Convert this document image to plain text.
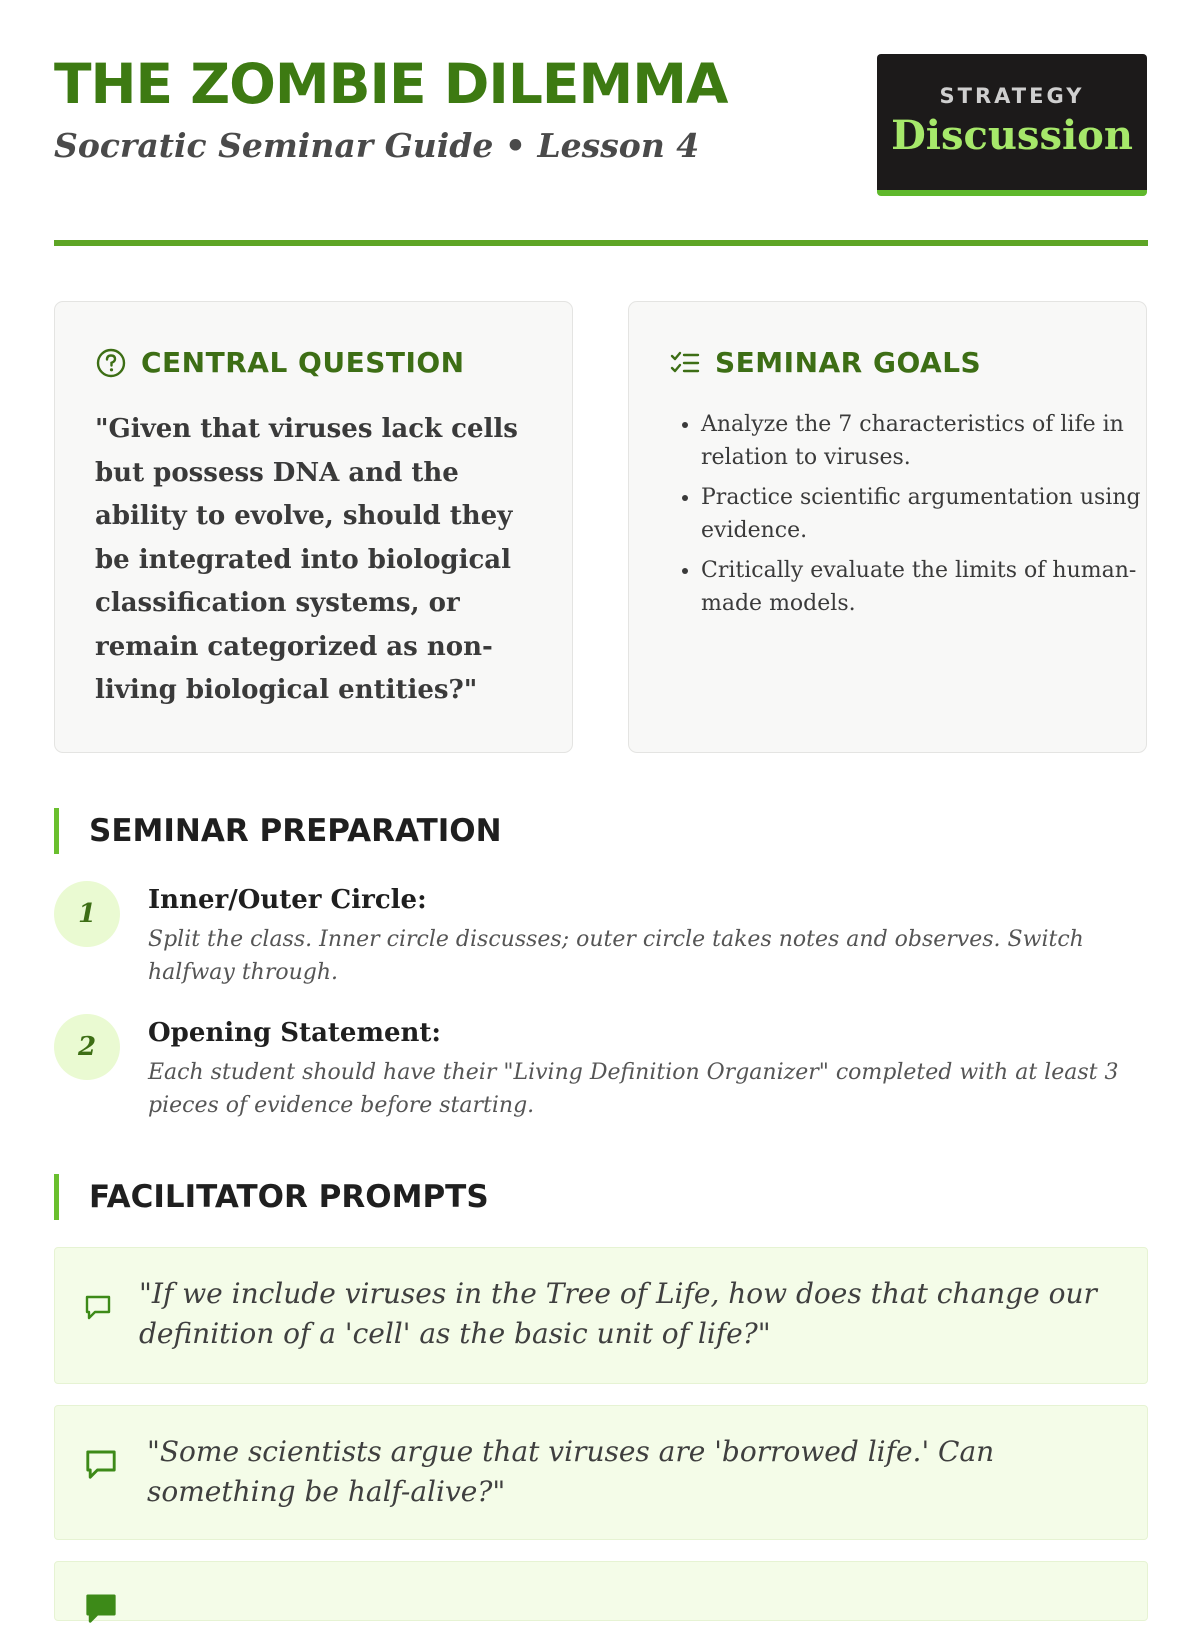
THE ZOMBIE DILEMMA
Socratic Seminar Guide • Lesson 4
STRATEGY
Discussion
CENTRAL QUESTION

"Given that viruses lack cells but possess DNA and the ability to evolve, should they be integrated into biological classification systems, or remain categorized as non-living biological entities?"

SEMINAR GOALS
• Analyze the 7 characteristics of life in relation to viruses.
• Practice scientific argumentation using evidence.
• Critically evaluate the limits of human-made models.
SEMINAR PREPARATION
1	Inner/Outer Circle:

Split the class. Inner circle discusses; outer circle takes notes and observes. Switch halfway through.

2	Opening Statement:

Each student should have their "Living Definition Organizer" completed with at least 3 pieces of evidence before starting.

FACILITATOR PROMPTS

"If we include viruses in the Tree of Life, how does that change our definition of a 'cell' as the basic unit of life?"

"Some scientists argue that viruses are 'borrowed life.' Can something be half-alive?"
